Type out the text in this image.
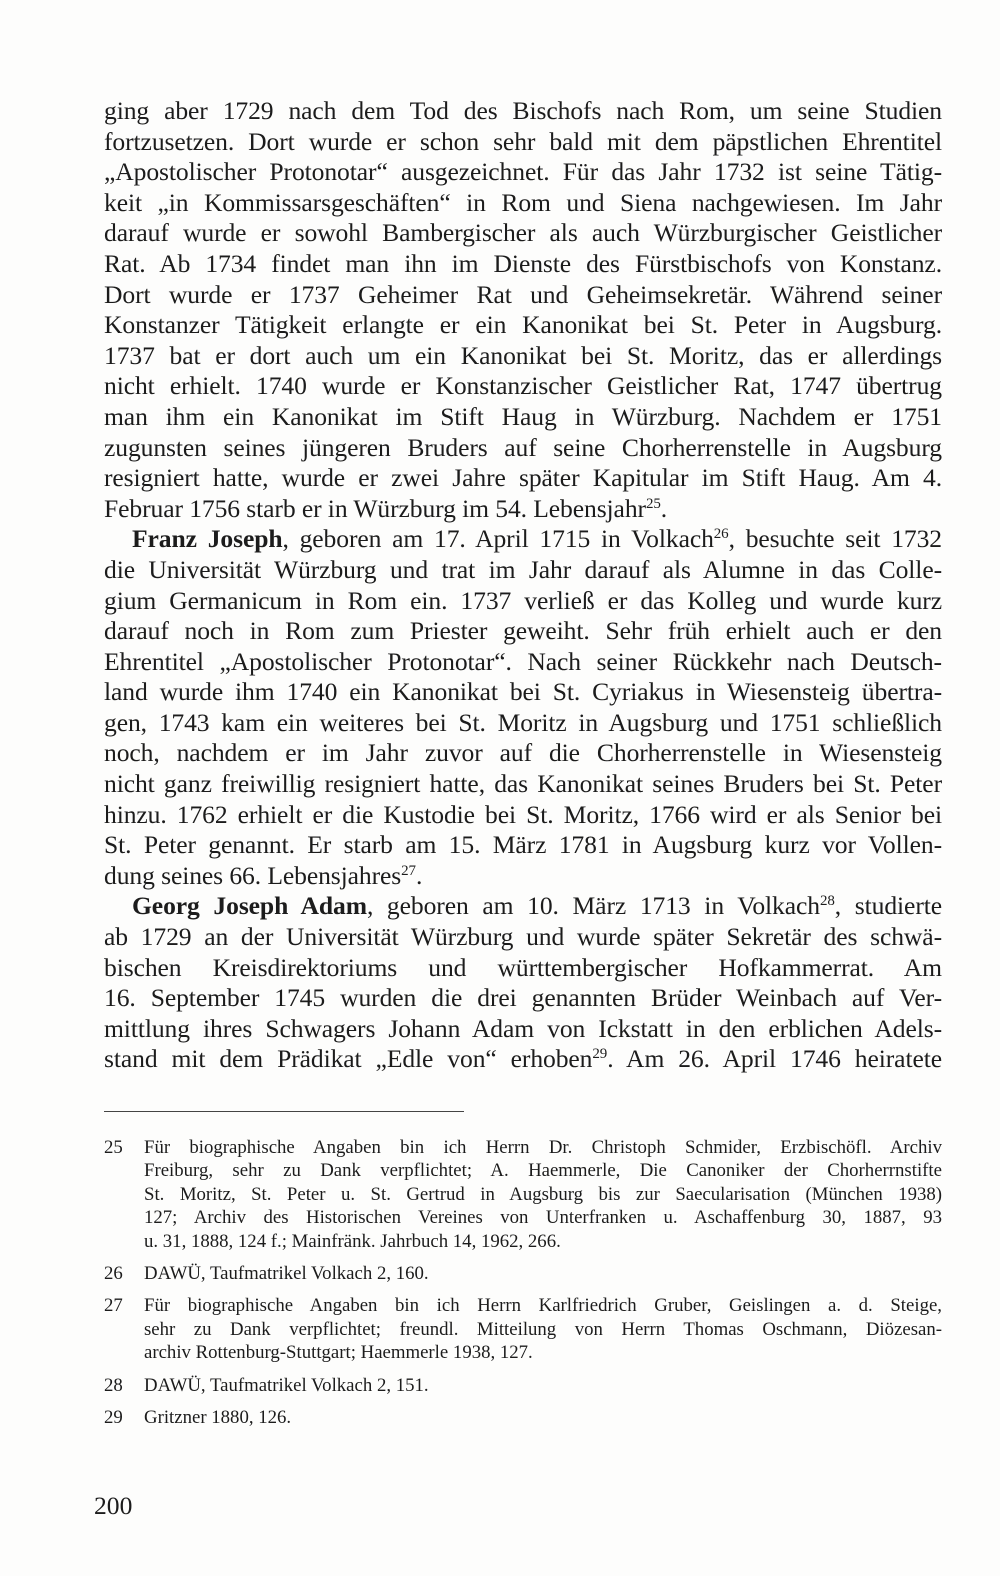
ging aber 1729 nach dem Tod des Bischofs nach Rom, um seine Studien
fortzusetzen. Dort wurde er schon sehr bald mit dem päpstlichen Ehrentitel
„Apostolischer Protonotar“ ausgezeichnet. Für das Jahr 1732 ist seine Tätig-
keit „in Kommissarsgeschäften“ in Rom und Siena nachgewiesen. Im Jahr
darauf wurde er sowohl Bambergischer als auch Würzburgischer Geistlicher
Rat. Ab 1734 findet man ihn im Dienste des Fürstbischofs von Konstanz.
Dort wurde er 1737 Geheimer Rat und Geheimsekretär. Während seiner
Konstanzer Tätigkeit erlangte er ein Kanonikat bei St. Peter in Augsburg.
1737 bat er dort auch um ein Kanonikat bei St. Moritz, das er allerdings
nicht erhielt. 1740 wurde er Konstanzischer Geistlicher Rat, 1747 übertrug
man ihm ein Kanonikat im Stift Haug in Würzburg. Nachdem er 1751
zugunsten seines jüngeren Bruders auf seine Chorherrenstelle in Augsburg
resigniert hatte, wurde er zwei Jahre später Kapitular im Stift Haug. Am 4.
Februar 1756 starb er in Würzburg im 54. Lebensjahr$^{25}$.
Franz Joseph, geboren am 17. April 1715 in Volkach$^{26}$, besuchte seit 1732
die Universität Würzburg und trat im Jahr darauf als Alumne in das Colle-
gium Germanicum in Rom ein. 1737 verließ er das Kolleg und wurde kurz
darauf noch in Rom zum Priester geweiht. Sehr früh erhielt auch er den
Ehrentitel „Apostolischer Protonotar“. Nach seiner Rückkehr nach Deutsch-
land wurde ihm 1740 ein Kanonikat bei St. Cyriakus in Wiesensteig übertra-
gen, 1743 kam ein weiteres bei St. Moritz in Augsburg und 1751 schließlich
noch, nachdem er im Jahr zuvor auf die Chorherrenstelle in Wiesensteig
nicht ganz freiwillig resigniert hatte, das Kanonikat seines Bruders bei St. Peter
hinzu. 1762 erhielt er die Kustodie bei St. Moritz, 1766 wird er als Senior bei
St. Peter genannt. Er starb am 15. März 1781 in Augsburg kurz vor Vollen-
dung seines 66. Lebensjahres$^{27}$.
Georg Joseph Adam, geboren am 10. März 1713 in Volkach$^{28}$, studierte
ab 1729 an der Universität Würzburg und wurde später Sekretär des schwä-
bischen Kreisdirektoriums und württembergischer Hofkammerrat. Am
16. September 1745 wurden die drei genannten Brüder Weinbach auf Ver-
mittlung ihres Schwagers Johann Adam von Ickstatt in den erblichen Adels-
stand mit dem Prädikat „Edle von“ erhoben$^{29}$. Am 26. April 1746 heiratete
25 Für biographische Angaben bin ich Herrn Dr. Christoph Schmider, Erzbischöfl. Archiv
Freiburg, sehr zu Dank verpflichtet; A. Haemmerle, Die Canoniker der Chorherrnstifte
St. Moritz, St. Peter u. St. Gertrud in Augsburg bis zur Saecularisation (München 1938)
127; Archiv des Historischen Vereines von Unterfranken u. Aschaffenburg 30, 1887, 93
u. 31, 1888, 124 f.; Mainfränk. Jahrbuch 14, 1962, 266.
26 DAWÜ, Taufmatrikel Volkach 2, 160.
27 Für biographische Angaben bin ich Herrn Karlfriedrich Gruber, Geislingen a. d. Steige,
sehr zu Dank verpflichtet; freundl. Mitteilung von Herrn Thomas Oschmann, Diözesan-
archiv Rottenburg-Stuttgart; Haemmerle 1938, 127.
28 DAWÜ, Taufmatrikel Volkach 2, 151.
29 Gritzner 1880, 126.
200
